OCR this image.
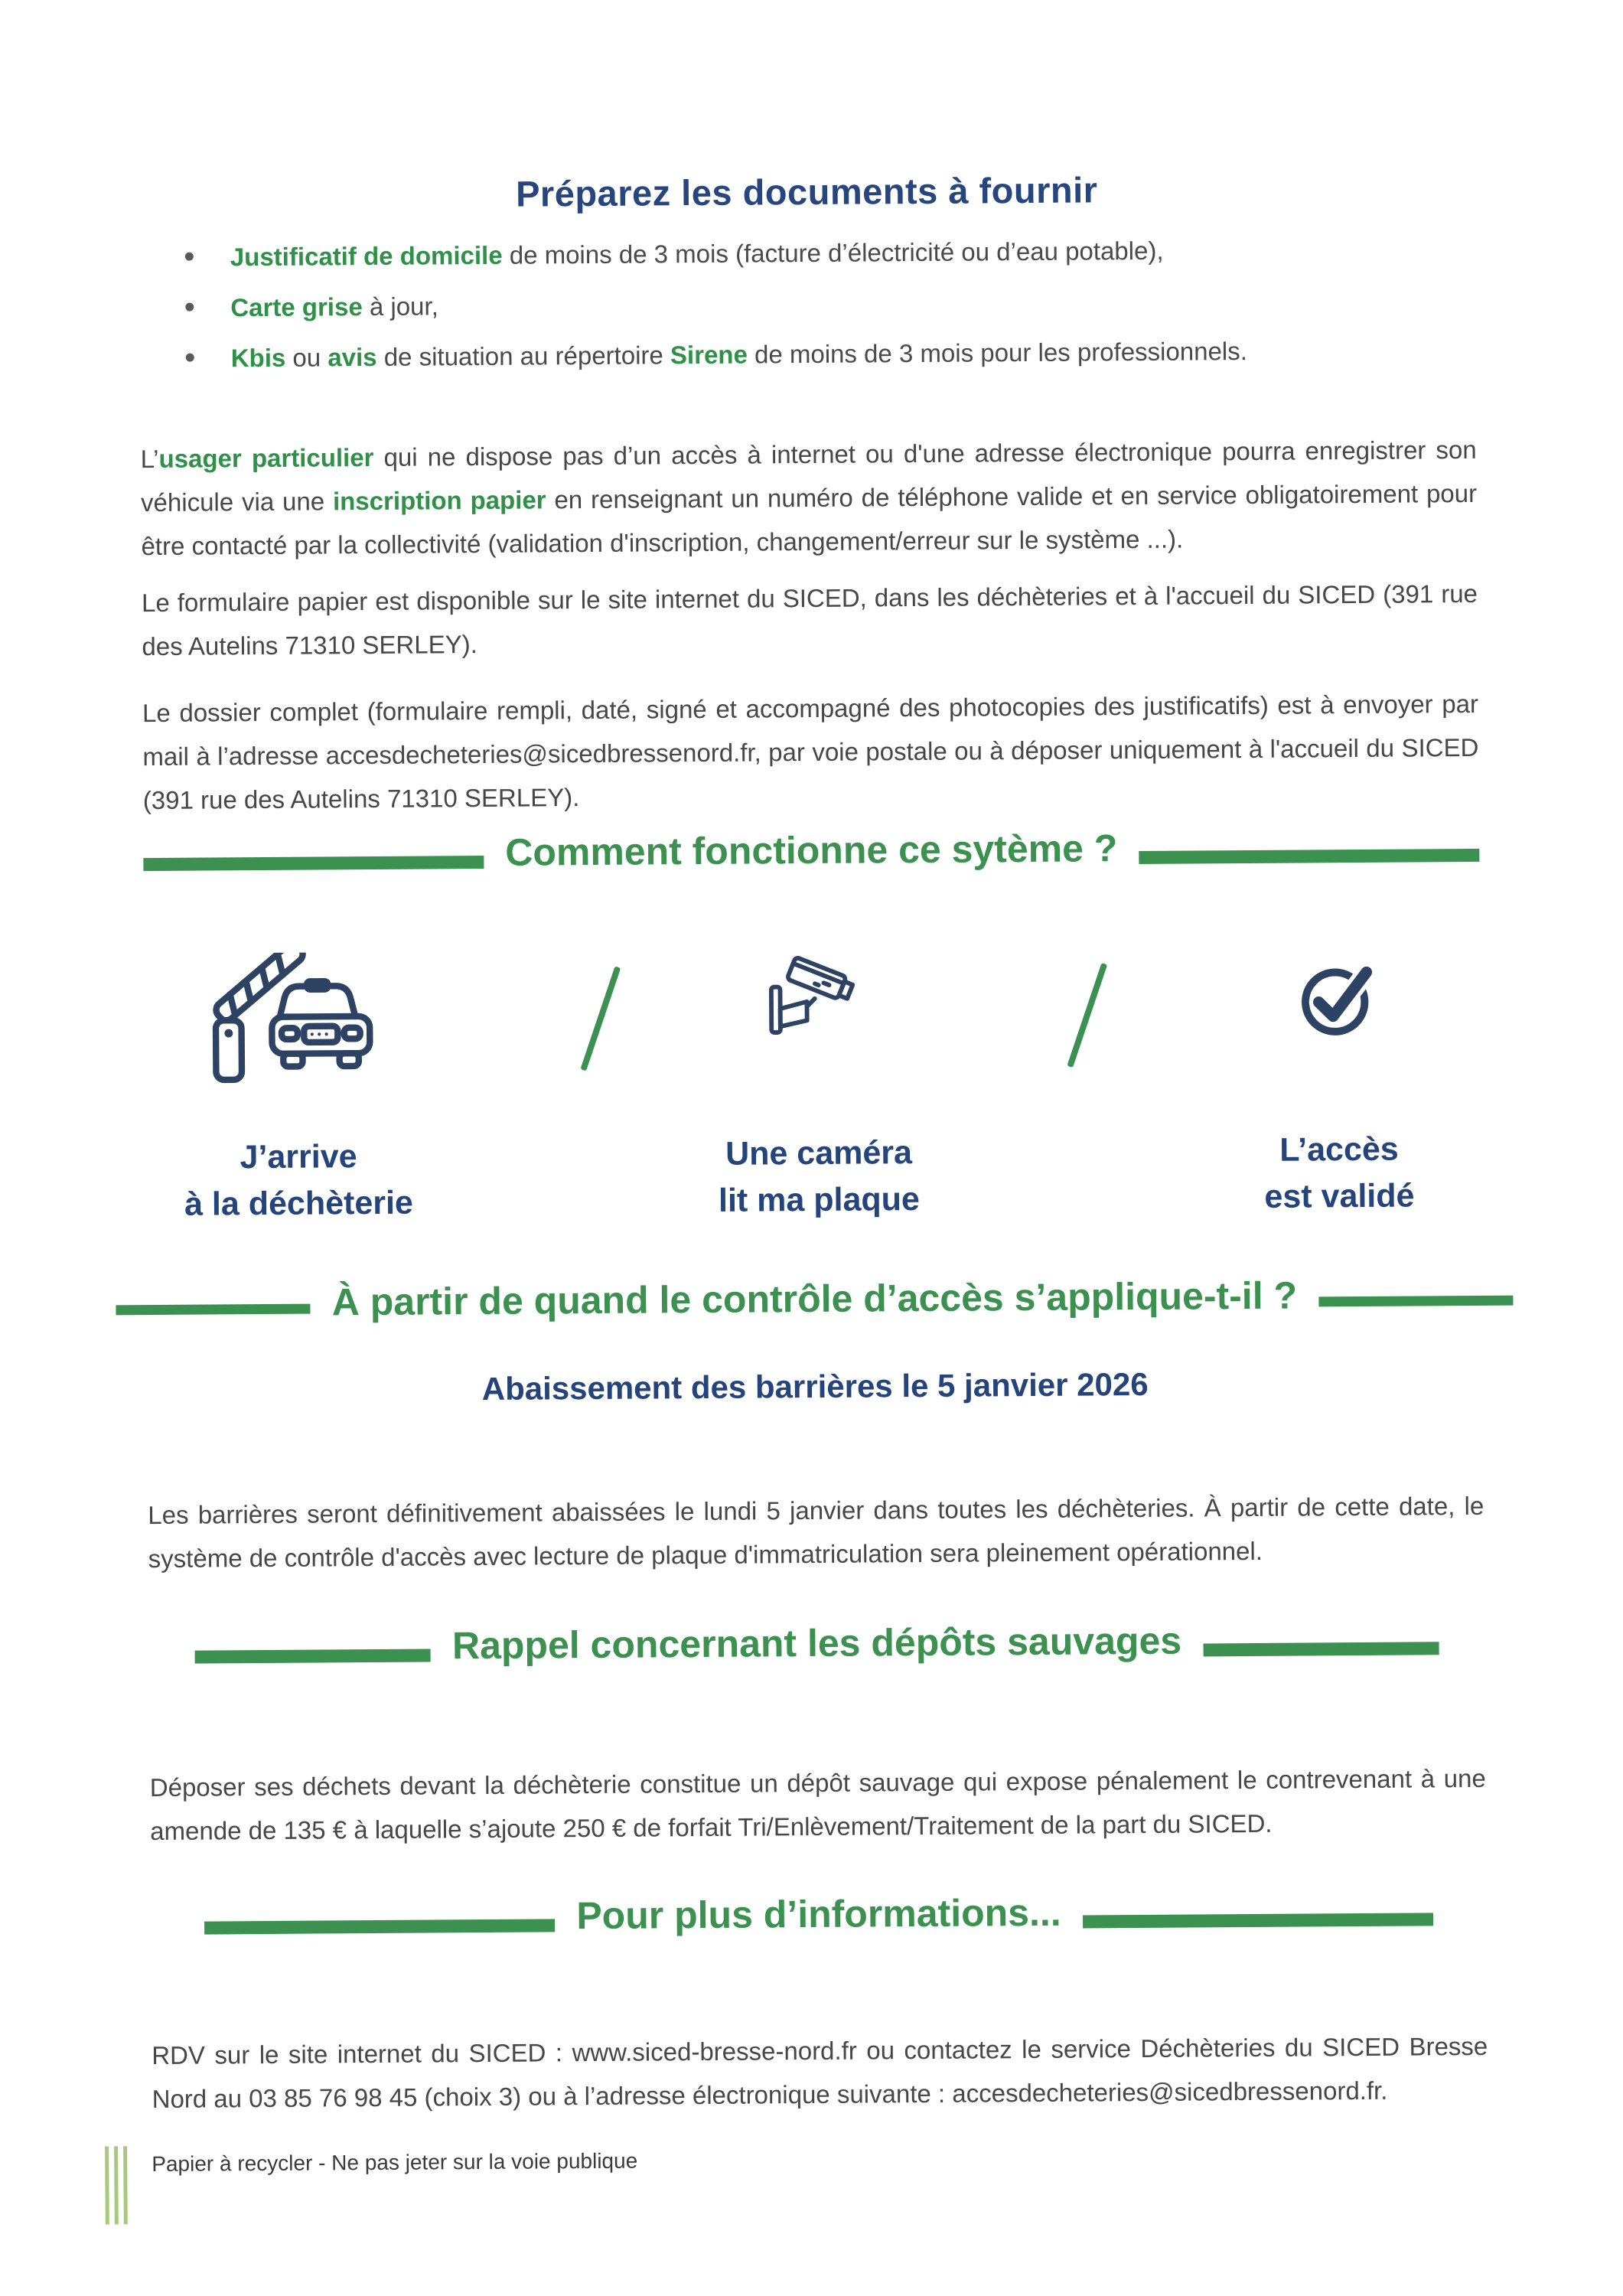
Préparez les documents à fournir
Justificatif de domicile de moins de 3 mois (facture d’électricité ou d’eau potable),
Carte grise à jour,
Kbis ou avis de situation au répertoire Sirene de moins de 3 mois pour les professionnels.

L’usager particulier qui ne dispose pas d’un accès à internet ou d'une adresse électronique pourra enregistrer son véhicule via une inscription papier en renseignant un numéro de téléphone valide et en service obligatoirement pour être contacté par la collectivité (validation d'inscription, changement/erreur sur le système ...).

Le formulaire papier est disponible sur le site internet du SICED, dans les déchèteries et à l'accueil du SICED (391 rue des Autelins 71310 SERLEY).

Le dossier complet (formulaire rempli, daté, signé et accompagné des photocopies des justificatifs) est à envoyer par mail à l’adresse accesdecheteries@sicedbressenord.fr, par voie postale ou à déposer uniquement à l'accueil du SICED (391 rue des Autelins 71310 SERLEY).

Comment fonctionne ce sytème ?
J’arrive
à la déchèterie
Une caméra
lit ma plaque
L’accès
est validé
À partir de quand le contrôle d’accès s’applique-t-il ?
Abaissement des barrières le 5 janvier 2026

Les barrières seront définitivement abaissées le lundi 5 janvier dans toutes les déchèteries. À partir de cette date, le système de contrôle d'accès avec lecture de plaque d'immatriculation sera pleinement opérationnel.

Rappel concernant les dépôts sauvages

Déposer ses déchets devant la déchèterie constitue un dépôt sauvage qui expose pénalement le contrevenant à une amende de 135 € à laquelle s’ajoute 250 € de forfait Tri/Enlèvement/Traitement de la part du SICED.

Pour plus d’informations...

RDV sur le site internet du SICED : www.siced-bresse-nord.fr ou contactez le service Déchèteries du SICED Bresse Nord au 03 85 76 98 45 (choix 3) ou à l’adresse électronique suivante : accesdecheteries@sicedbressenord.fr.

Papier à recycler - Ne pas jeter sur la voie publique
